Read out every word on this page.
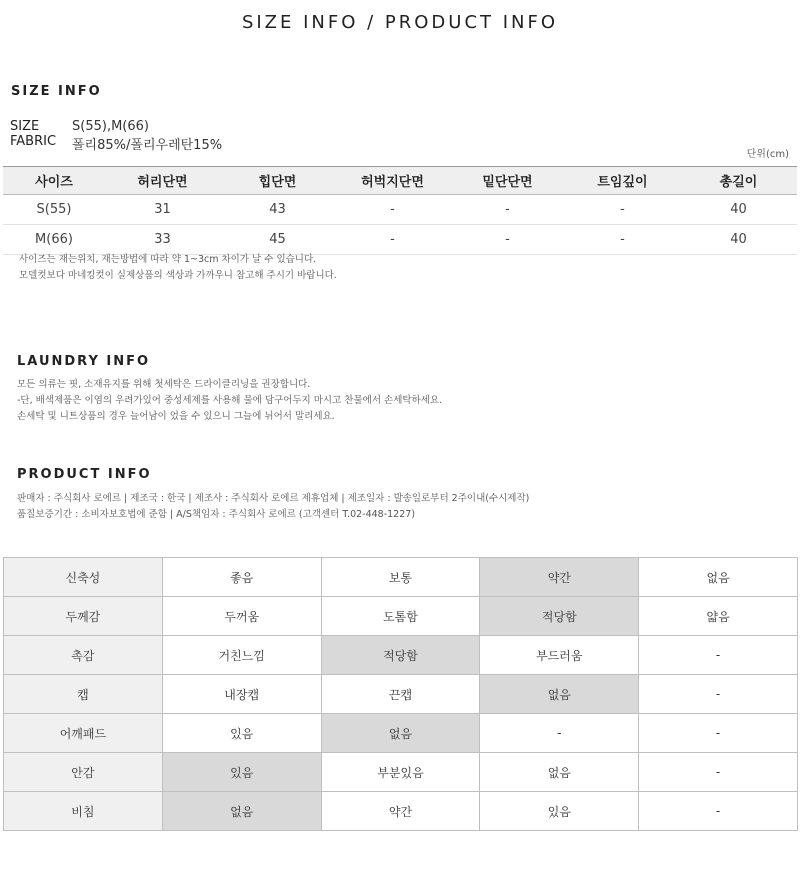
SIZE INFO / PRODUCT INFO
SIZE INFO
SIZE	S(55),M(66)
FABRIC 폴리85%/폴리우레탄15%
단위(cm)
사이즈	허리단면	힙단면	허벅지단면	밑단단면	트임깊이	총길이
S(55)	31	43	-	-	-	40
M(66)	33	45	-	-	-	40
사이즈는 재는위치, 재는방법에 따라 약 1~3cm 차이가 날 수 있습니다.
모델컷보다 마네킹컷이 실제상품의 색상과 가까우니 참고해 주시기 바랍니다.
LAUNDRY INFO
모든 의류는 핏, 소재유지를 위해 첫세탁은 드라이클리닝을 권장합니다.
-단, 배색제품은 이염의 우려가있어 중성세제를 사용해 물에 담구어두지 마시고 찬물에서 손세탁하세요.
손세탁 및 니트상품의 경우 늘어남이 었을 수 있으니 그늘에 뉘어서 말리세요.
PRODUCT INFO
판매자 : 주식회사 로에르 | 제조국 : 한국 | 제조사 : 주식회사 로에르 제휴업체 | 제조일자 : 발송일로부터 2주이내(수시제작)
품질보증기간 : 소비자보호법에 준함 | A/S책임자 : 주식회사 로에르 (고객센터 T.02-448-1227)
신축성	좋음	보통	약간	없음
두께감	두꺼움	도톰함	적당함	얇음
촉감	거친느낌	적당함	부드러움	-
캡	내장캡	끈캡	없음	-
어깨패드	있음	없음	-	-
안감	있음	부분있음	없음	-
비침	없음	약간	있음	-
